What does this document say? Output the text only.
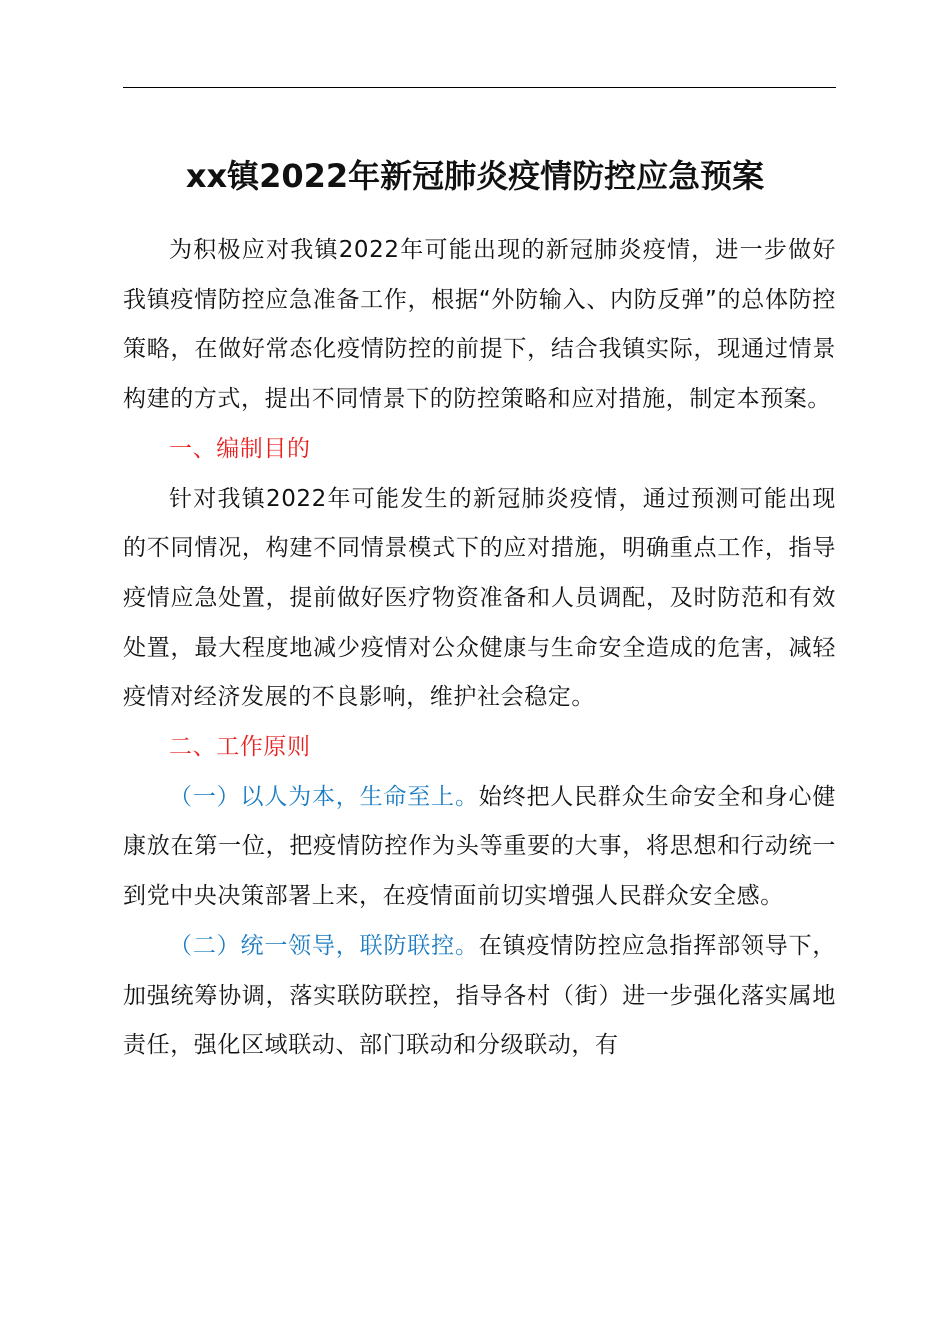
xx镇2022年新冠肺炎疫情防控应急预案

为积极应对我镇2022年可能出现的新冠肺炎疫情，进一步做好我镇疫情防控应急准备工作，根据“外防输入、内防反弹”的总体防控策略，在做好常态化疫情防控的前提下，结合我镇实际，现通过情景构建的方式，提出不同情景下的防控策略和应对措施，制定本预案。

一、编制目的

针对我镇2022年可能发生的新冠肺炎疫情，通过预测可能出现的不同情况，构建不同情景模式下的应对措施，明确重点工作，指导疫情应急处置，提前做好医疗物资准备和人员调配，及时防范和有效处置，最大程度地减少疫情对公众健康与生命安全造成的危害，减轻疫情对经济发展的不良影响，维护社会稳定。

二、工作原则

（一）以人为本，生命至上。始终把人民群众生命安全和身心健康放在第一位，把疫情防控作为头等重要的大事，将思想和行动统一到党中央决策部署上来，在疫情面前切实增强人民群众安全感。

（二）统一领导，联防联控。在镇疫情防控应急指挥部领导下，加强统筹协调，落实联防联控，指导各村（街）进一步强化落实属地责任，强化区域联动、部门联动和分级联动，有
